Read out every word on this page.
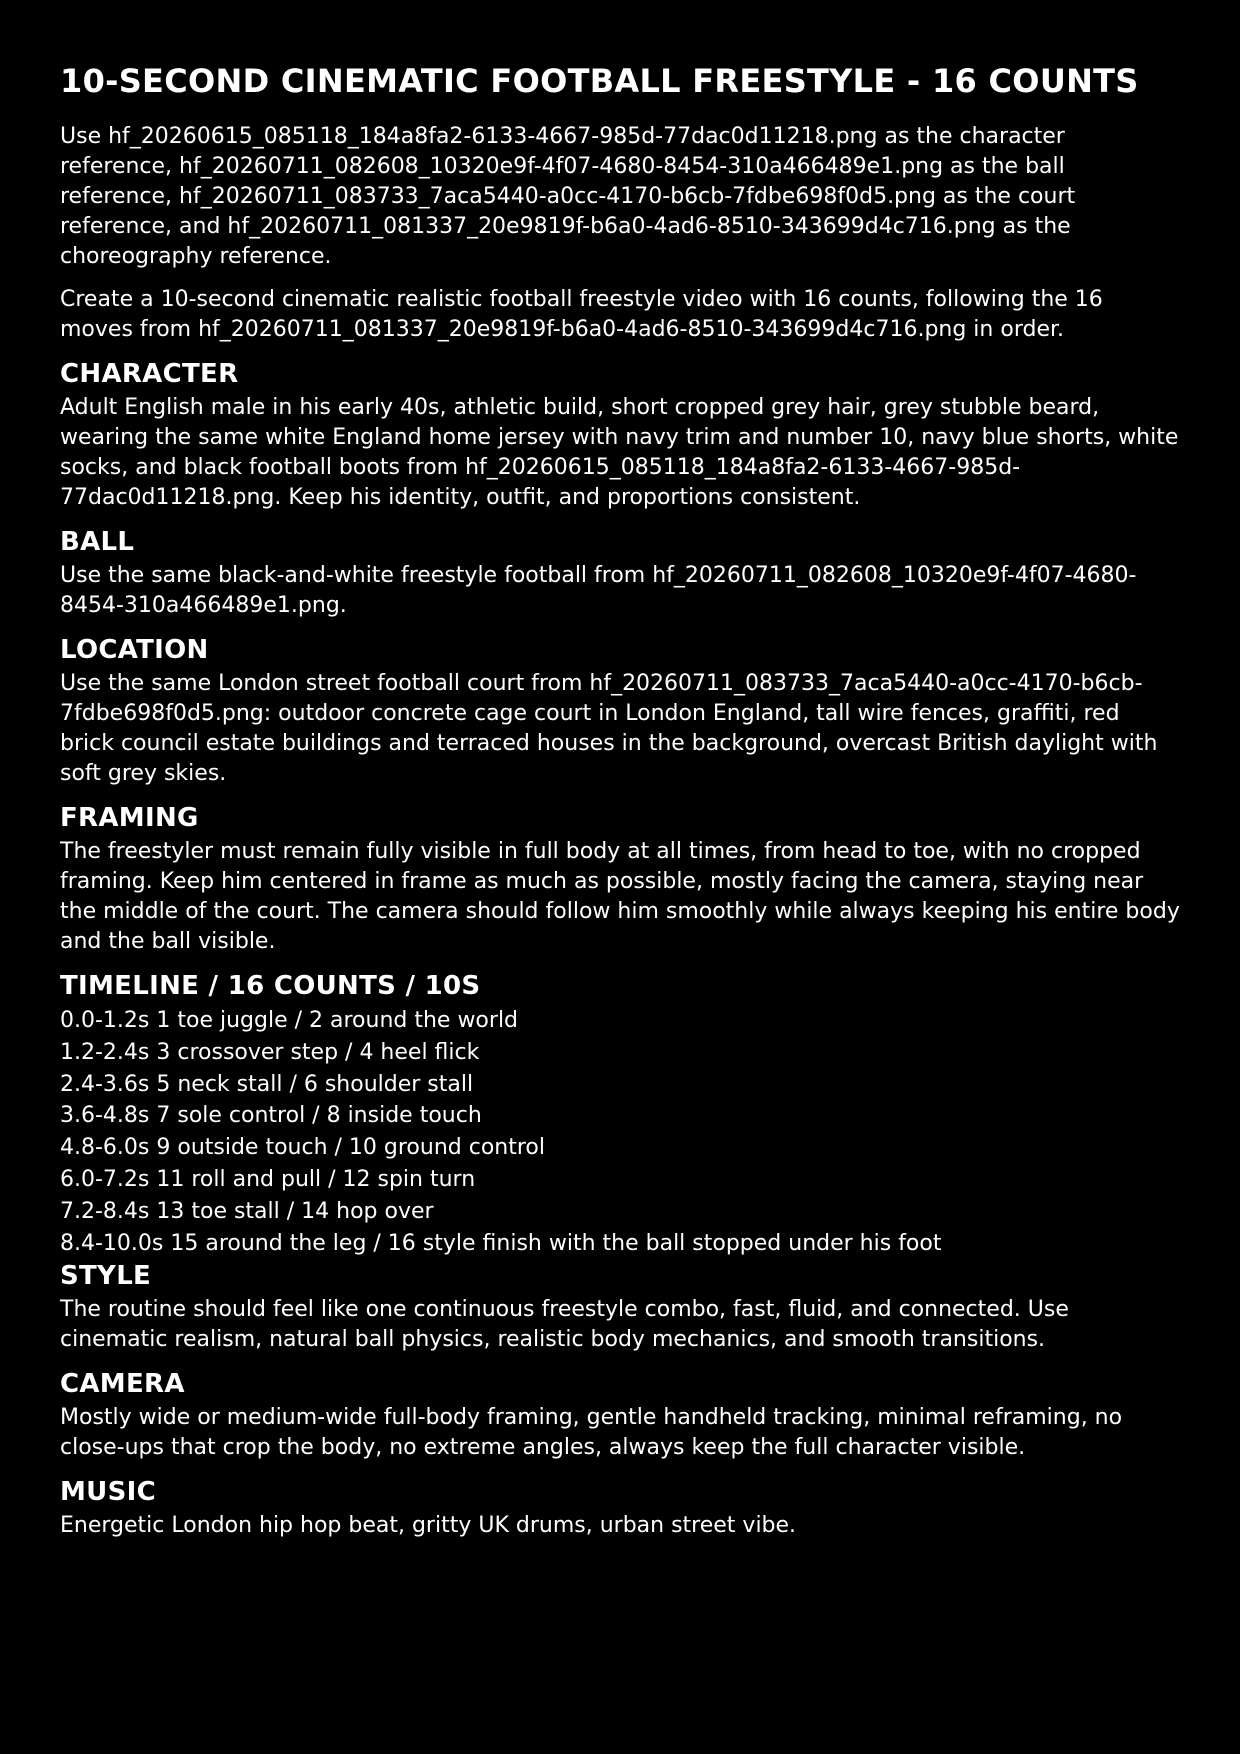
10-SECOND CINEMATIC FOOTBALL FREESTYLE - 16 COUNTS

Use hf_20260615_085118_184a8fa2-6133-4667-985d-77dac0d11218.png as the character reference, hf_20260711_082608_10320e9f-4f07-4680-8454-310a466489e1.png as the ball reference, hf_20260711_083733_7aca5440-a0cc-4170-b6cb-7fdbe698f0d5.png as the court reference, and hf_20260711_081337_20e9819f-b6a0-4ad6-8510-343699d4c716.png as the choreography reference.

Create a 10-second cinematic realistic football freestyle video with 16 counts, following the 16 moves from hf_20260711_081337_20e9819f-b6a0-4ad6-8510-343699d4c716.png in order.

CHARACTER

Adult English male in his early 40s, athletic build, short cropped grey hair, grey stubble beard, wearing the same white England home jersey with navy trim and number 10, navy blue shorts, white socks, and black football boots from hf_20260615_085118_184a8fa2-6133-4667-985d-77dac0d11218.png. Keep his identity, outfit, and proportions consistent.

BALL

Use the same black-and-white freestyle football from hf_20260711_082608_10320e9f-4f07-4680-8454-310a466489e1.png.

LOCATION

Use the same London street football court from hf_20260711_083733_7aca5440-a0cc-4170-b6cb-7fdbe698f0d5.png: outdoor concrete cage court in London England, tall wire fences, graffiti, red brick council estate buildings and terraced houses in the background, overcast British daylight with soft grey skies.

FRAMING

The freestyler must remain fully visible in full body at all times, from head to toe, with no cropped framing. Keep him centered in frame as much as possible, mostly facing the camera, staying near the middle of the court. The camera should follow him smoothly while always keeping his entire body and the ball visible.

TIMELINE / 16 COUNTS / 10S
0.0-1.2s 1 toe juggle / 2 around the world
1.2-2.4s 3 crossover step / 4 heel flick
2.4-3.6s 5 neck stall / 6 shoulder stall
3.6-4.8s 7 sole control / 8 inside touch
4.8-6.0s 9 outside touch / 10 ground control
6.0-7.2s 11 roll and pull / 12 spin turn
7.2-8.4s 13 toe stall / 14 hop over
8.4-10.0s 15 around the leg / 16 style finish with the ball stopped under his foot
STYLE

The routine should feel like one continuous freestyle combo, fast, fluid, and connected. Use cinematic realism, natural ball physics, realistic body mechanics, and smooth transitions.

CAMERA

Mostly wide or medium-wide full-body framing, gentle handheld tracking, minimal reframing, no close-ups that crop the body, no extreme angles, always keep the full character visible.

MUSIC

Energetic London hip hop beat, gritty UK drums, urban street vibe.
